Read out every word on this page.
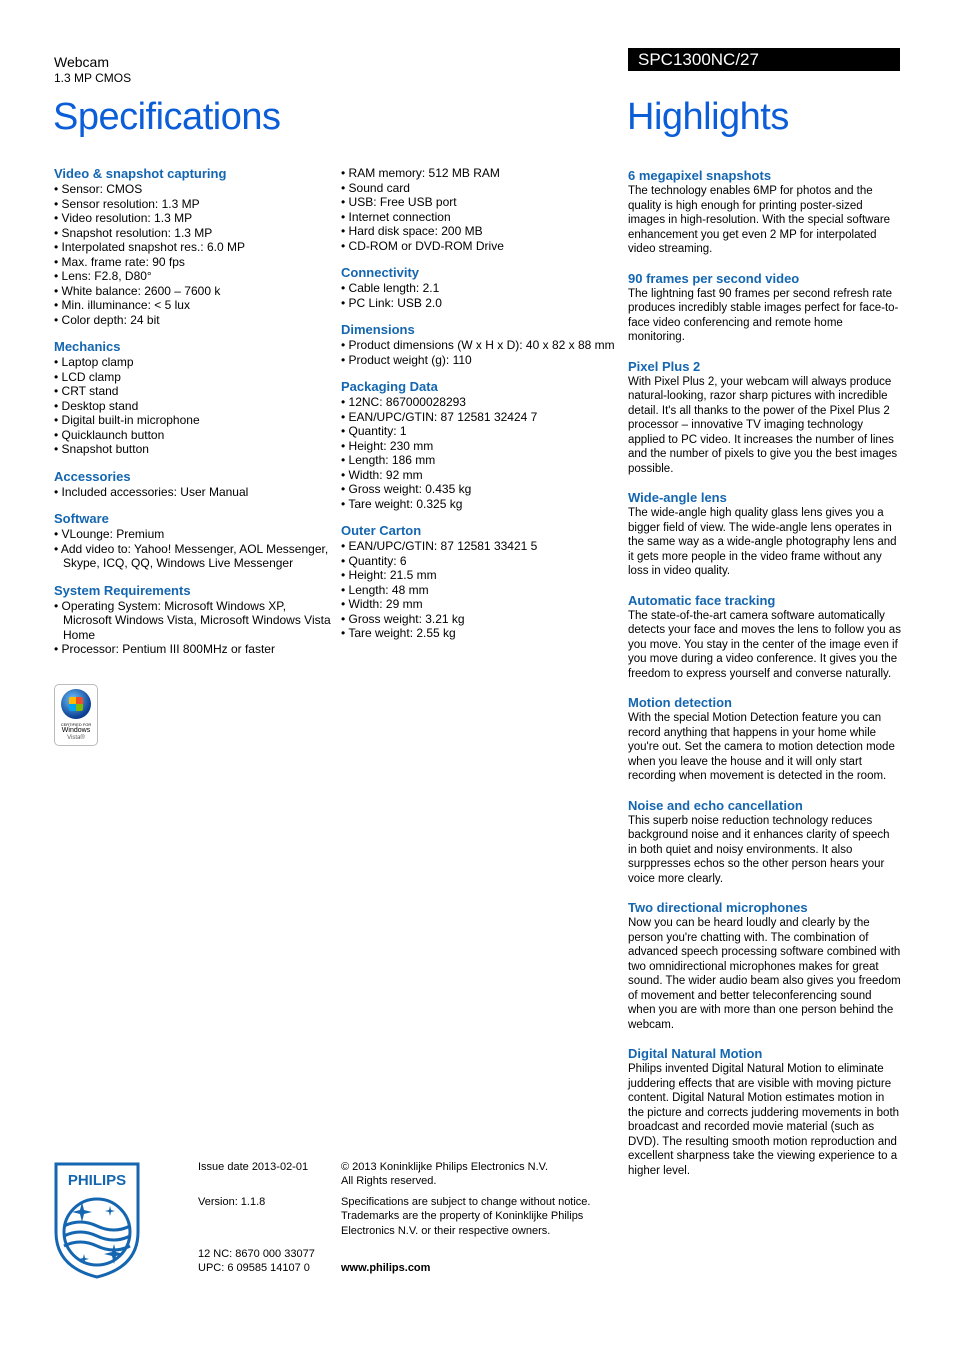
Webcam
1.3 MP CMOS
Specifications
SPC1300NC/27
Highlights
Video & snapshot capturing
• Sensor: CMOS
• Sensor resolution: 1.3 MP
• Video resolution: 1.3 MP
• Snapshot resolution: 1.3 MP
• Interpolated snapshot res.: 6.0 MP
• Max. frame rate: 90 fps
• Lens: F2.8, D80°
• White balance: 2600 – 7600 k
• Min. illuminance: < 5 lux
• Color depth: 24 bit
Mechanics
• Laptop clamp
• LCD clamp
• CRT stand
• Desktop stand
• Digital built-in microphone
• Quicklaunch button
• Snapshot button
Accessories
• Included accessories: User Manual
Software
• VLounge: Premium
• Add video to: Yahoo! Messenger, AOL Messenger, Skype, ICQ, QQ, Windows Live Messenger
System Requirements
• Operating System: Microsoft Windows XP, Microsoft Windows Vista, Microsoft Windows Vista Home
• Processor: Pentium III 800MHz or faster
• RAM memory: 512 MB RAM
• Sound card
• USB: Free USB port
• Internet connection
• Hard disk space: 200 MB
• CD-ROM or DVD-ROM Drive
Connectivity
• Cable length: 2.1
• PC Link: USB 2.0
Dimensions
• Product dimensions (W x H x D): 40 x 82 x 88 mm
• Product weight (g): 110
Packaging Data
• 12NC: 867000028293
• EAN/UPC/GTIN: 87 12581 32424 7
• Quantity: 1
• Height: 230 mm
• Length: 186 mm
• Width: 92 mm
• Gross weight: 0.435 kg
• Tare weight: 0.325 kg
Outer Carton
• EAN/UPC/GTIN: 87 12581 33421 5
• Quantity: 6
• Height: 21.5 mm
• Length: 48 mm
• Width: 29 mm
• Gross weight: 3.21 kg
• Tare weight: 2.55 kg
6 megapixel snapshots

The technology enables 6MP for photos and the quality is high enough for printing poster-sized images in high-resolution. With the special software enhancement you get even 2 MP for interpolated video streaming.

90 frames per second video

The lightning fast 90 frames per second refresh rate produces incredibly stable images perfect for face-to-face video conferencing and remote home monitoring.

Pixel Plus 2

With Pixel Plus 2, your webcam will always produce natural-looking, razor sharp pictures with incredible detail. It's all thanks to the power of the Pixel Plus 2 processor – innovative TV imaging technology applied to PC video. It increases the number of lines and the number of pixels to give you the best images possible.

Wide-angle lens

The wide-angle high quality glass lens gives you a bigger field of view. The wide-angle lens operates in the same way as a wide-angle photography lens and it gets more people in the video frame without any loss in video quality.

Automatic face tracking

The state-of-the-art camera software automatically detects your face and moves the lens to follow you as you move. You stay in the center of the image even if you move during a video conference. It gives you the freedom to express yourself and converse naturally.

Motion detection

With the special Motion Detection feature you can record anything that happens in your home while you're out. Set the camera to motion detection mode when you leave the house and it will only start recording when movement is detected in the room.

Noise and echo cancellation

This superb noise reduction technology reduces background noise and it enhances clarity of speech in both quiet and noisy environments. It also surppresses echos so the other person hears your voice more clearly.

Two directional microphones

Now you can be heard loudly and clearly by the person you're chatting with. The combination of advanced speech processing software combined with two omnidirectional microphones makes for great sound. The wider audio beam also gives you freedom of movement and better teleconferencing sound when you are with more than one person behind the webcam.

Digital Natural Motion

Philips invented Digital Natural Motion to eliminate juddering effects that are visible with moving picture content. Digital Natural Motion estimates motion in the picture and corrects juddering movements in both broadcast and recorded movie material (such as DVD). The resulting smooth motion reproduction and excellent sharpness take the viewing experience to a higher level.

CERTIFIED FOR
Windows
Vista®
PHILIPS
Issue date 2013-02-01
Version: 1.1.8
12 NC: 8670 000 33077
UPC: 6 09585 14107 0
© 2013 Koninklijke Philips Electronics N.V.
All Rights reserved.
Specifications are subject to change without notice.
Trademarks are the property of Koninklijke Philips
Electronics N.V. or their respective owners.
www.philips.com
